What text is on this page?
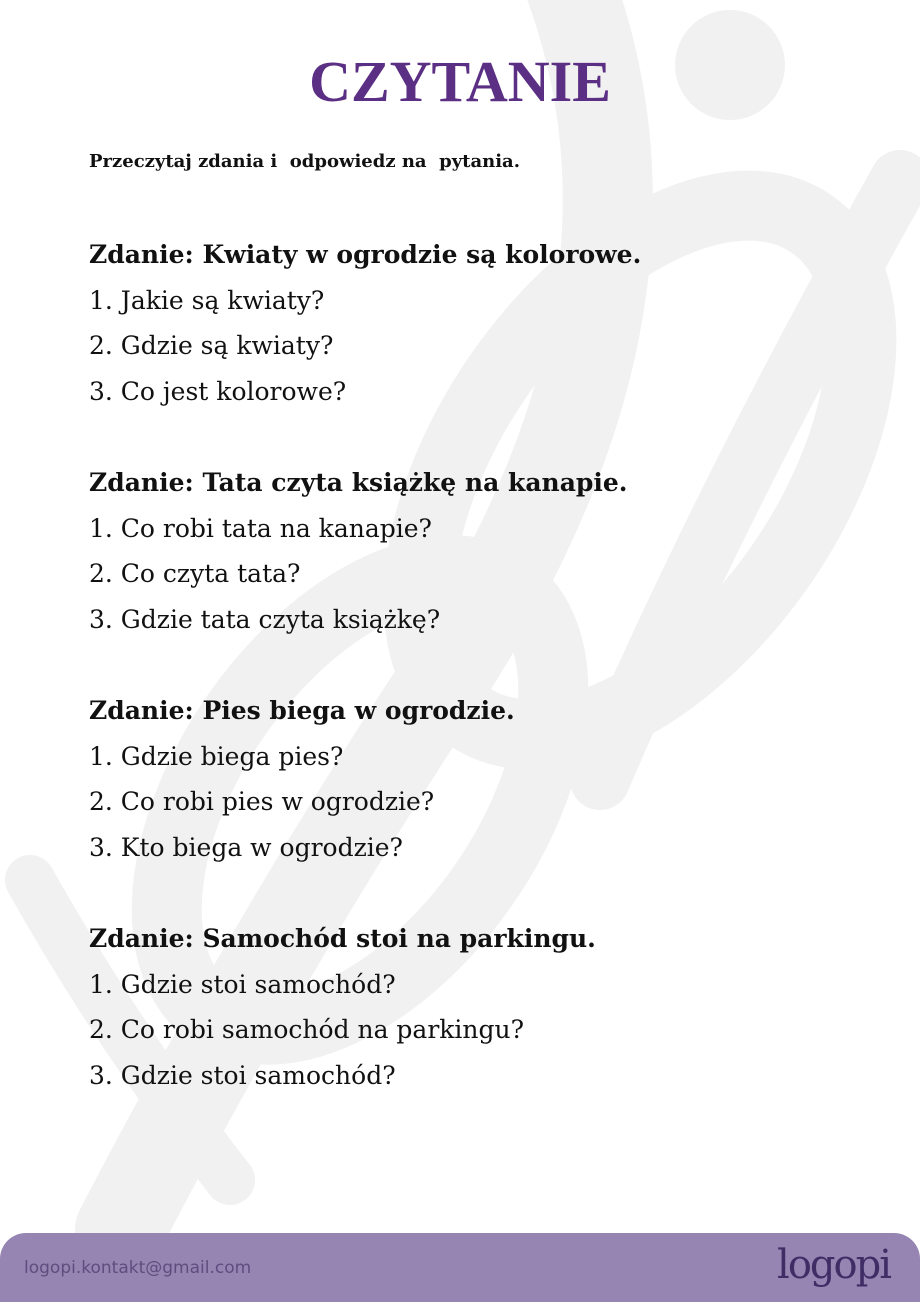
CZYTANIE

Przeczytaj zdania i  odpowiedz na  pytania.

Zdanie: Kwiaty w ogrodzie są kolorowe.

1. Jakie są kwiaty?

2. Gdzie są kwiaty?

3. Co jest kolorowe?

Zdanie: Tata czyta książkę na kanapie.

1. Co robi tata na kanapie?

2. Co czyta tata?

3. Gdzie tata czyta książkę?

Zdanie: Pies biega w ogrodzie.

1. Gdzie biega pies?

2. Co robi pies w ogrodzie?

3. Kto biega w ogrodzie?

Zdanie: Samochód stoi na parkingu.

1. Gdzie stoi samochód?

2. Co robi samochód na parkingu?

3. Gdzie stoi samochód?

logopi.kontakt@gmail.com	logopi
